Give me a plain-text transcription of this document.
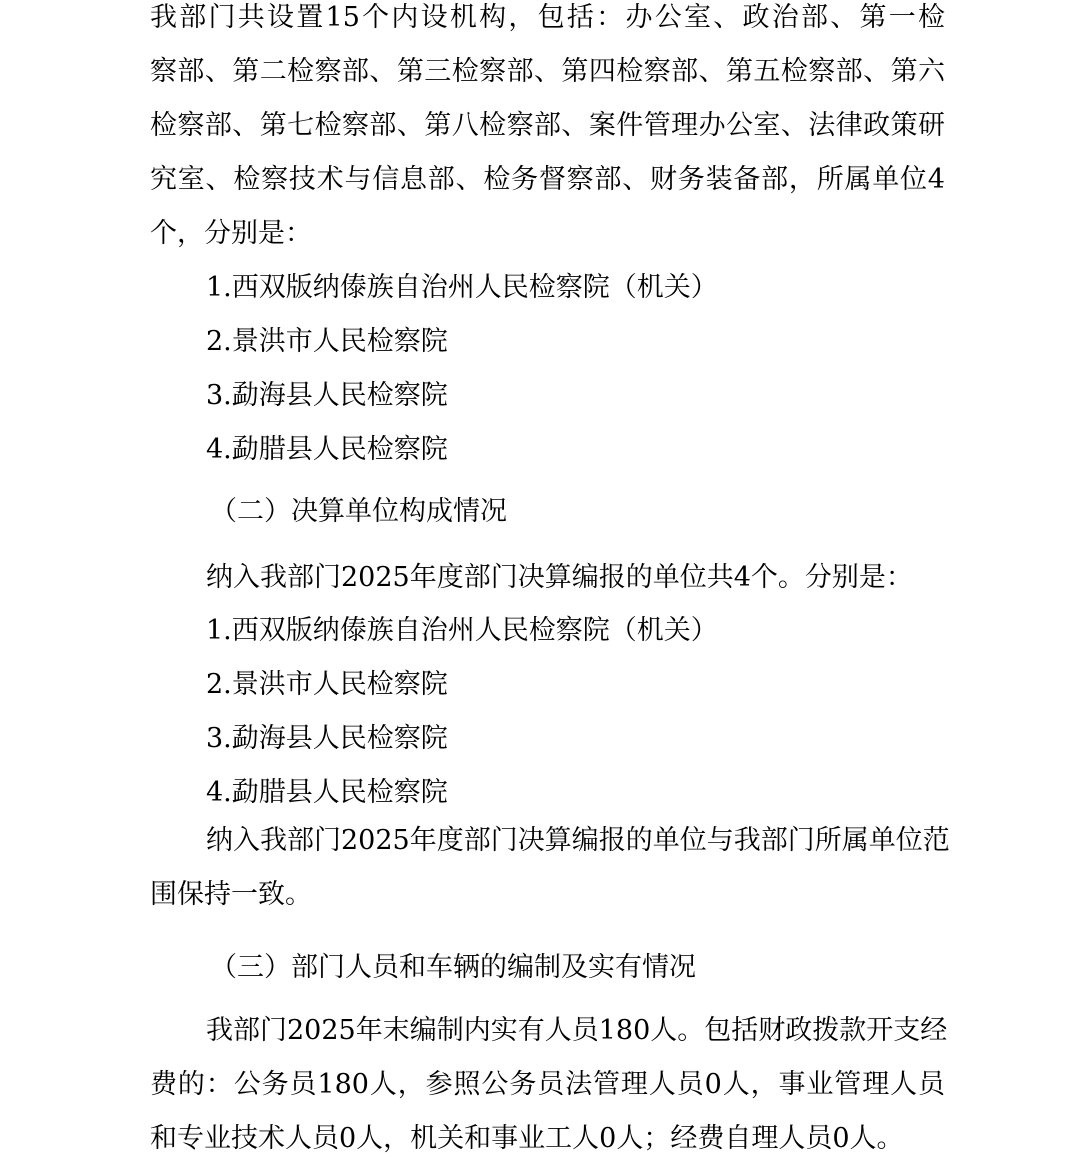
我部门共设置15个内设机构，包括：办公室、政治部、第一检
察部、第二检察部、第三检察部、第四检察部、第五检察部、第六
检察部、第七检察部、第八检察部、案件管理办公室、法律政策研
究室、检察技术与信息部、检务督察部、财务装备部，所属单位4
个，分别是：
1.西双版纳傣族自治州人民检察院（机关）
2.景洪市人民检察院
3.勐海县人民检察院
4.勐腊县人民检察院
（二）决算单位构成情况
纳入我部门2025年度部门决算编报的单位共4个。分别是：
1.西双版纳傣族自治州人民检察院（机关）
2.景洪市人民检察院
3.勐海县人民检察院
4.勐腊县人民检察院
纳入我部门2025年度部门决算编报的单位与我部门所属单位范
围保持一致。
（三）部门人员和车辆的编制及实有情况
我部门2025年末编制内实有人员180人。包括财政拨款开支经
费的：公务员180人，参照公务员法管理人员0人，事业管理人员
和专业技术人员0人，机关和事业工人0人；经费自理人员0人。
